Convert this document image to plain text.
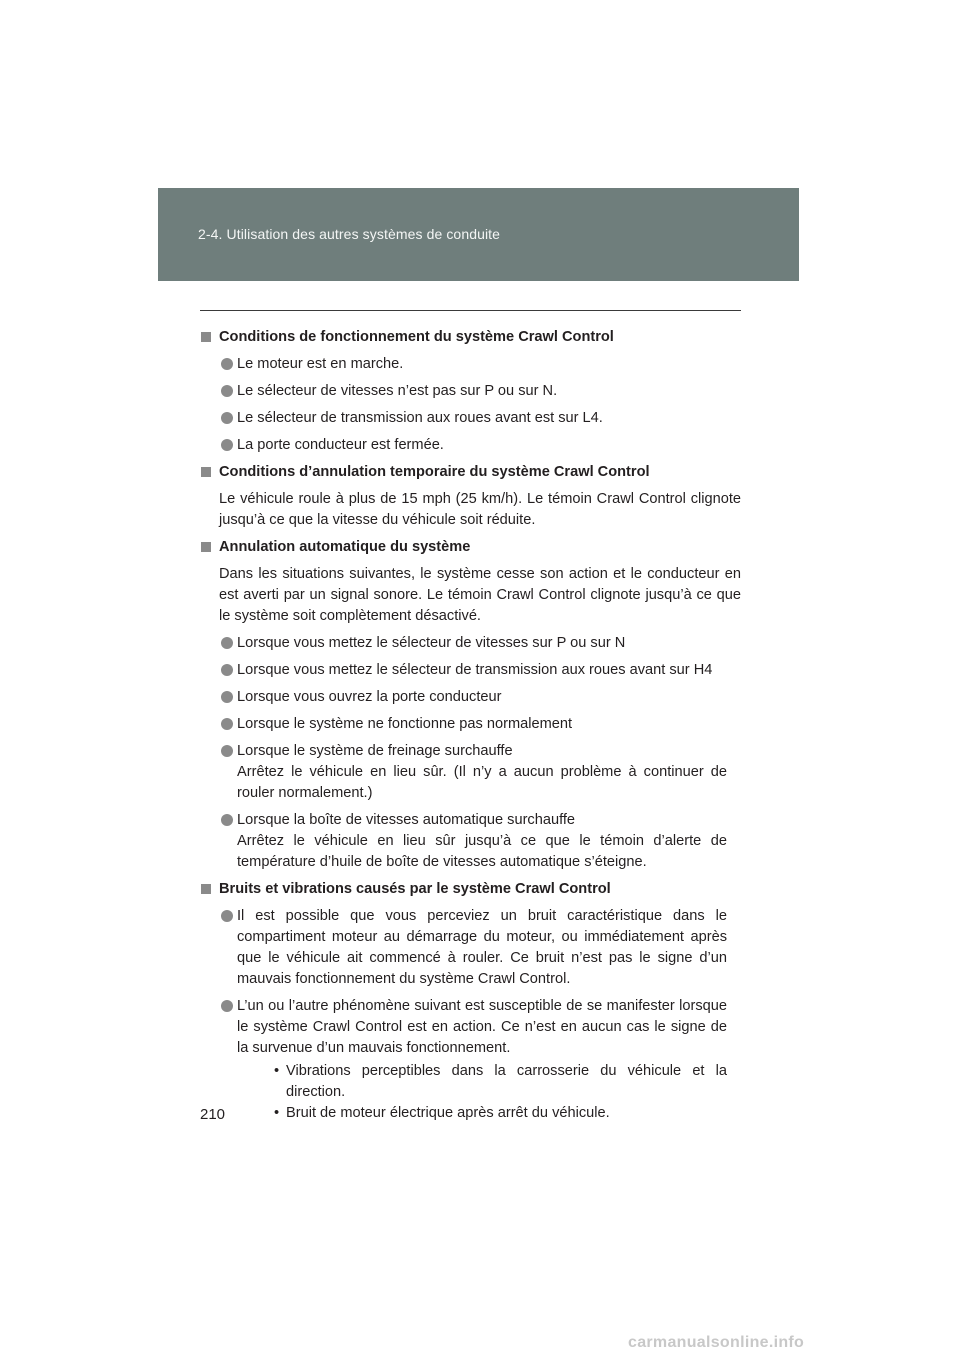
2-4. Utilisation des autres systèmes de conduite
Conditions de fonctionnement du système Crawl Control
Le moteur est en marche.
Le sélecteur de vitesses n’est pas sur P ou sur N.
Le sélecteur de transmission aux roues avant est sur L4.
La porte conducteur est fermée.
Conditions d’annulation temporaire du système Crawl Control
Le véhicule roule à plus de 15 mph (25 km/h). Le témoin Crawl Control clignote jusqu’à ce que la vitesse du véhicule soit réduite.
Annulation automatique du système
Dans les situations suivantes, le système cesse son action et le conducteur en est averti par un signal sonore. Le témoin Crawl Control clignote jusqu’à ce que le système soit complètement désactivé.
Lorsque vous mettez le sélecteur de vitesses sur P ou sur N
Lorsque vous mettez le sélecteur de transmission aux roues avant sur H4
Lorsque vous ouvrez la porte conducteur
Lorsque le système ne fonctionne pas normalement
Lorsque le système de freinage surchauffe
Arrêtez le véhicule en lieu sûr. (Il n’y a aucun problème à continuer de rouler normalement.)
Lorsque la boîte de vitesses automatique surchauffe
Arrêtez le véhicule en lieu sûr jusqu’à ce que le témoin d’alerte de température d’huile de boîte de vitesses automatique s’éteigne.
Bruits et vibrations causés par le système Crawl Control
Il est possible que vous perceviez un bruit caractéristique dans le compartiment moteur au démarrage du moteur, ou immédiatement après que le véhicule ait commencé à rouler. Ce bruit n’est pas le signe d’un mauvais fonctionnement du système Crawl Control.
L’un ou l’autre phénomène suivant est susceptible de se manifester lorsque le système Crawl Control est en action. Ce n’est en aucun cas le signe de la survenue d’un mauvais fonctionnement.
• Vibrations perceptibles dans la carrosserie du véhicule et la direction.
• Bruit de moteur électrique après arrêt du véhicule.
210
carmanualsonline.info
